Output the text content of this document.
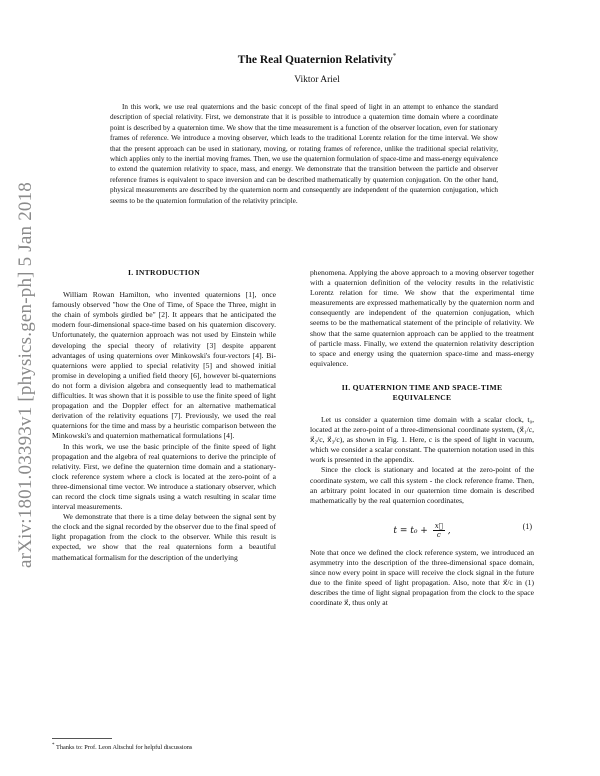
arXiv:1801.03393v1 [physics.gen-ph] 5 Jan 2018
The Real Quaternion Relativity*
Viktor Ariel

In this work, we use real quaternions and the basic concept of the final speed of light in an attempt to enhance the standard description of special relativity. First, we demonstrate that it is possible to introduce a quaternion time domain where a coordinate point is described by a quaternion time. We show that the time measurement is a function of the observer location, even for stationary frames of reference. We introduce a moving observer, which leads to the traditional Lorentz relation for the time interval. We show that the present approach can be used in stationary, moving, or rotating frames of reference, unlike the traditional special relativity, which applies only to the inertial moving frames. Then, we use the quaternion formulation of space-time and mass-energy equivalence to extend the quaternion relativity to space, mass, and energy. We demonstrate that the transition between the particle and observer reference frames is equivalent to space inversion and can be described mathematically by quaternion conjugation. On the other hand, physical measurements are described by the quaternion norm and consequently are independent of the quaternion conjugation, which seems to be the quaternion formulation of the relativity principle.

I. INTRODUCTION

William Rowan Hamilton, who invented quaternions [1], once famously observed "how the One of Time, of Space the Three, might in the chain of symbols girdled be" [2]. It appears that he anticipated the modern four-dimensional space-time based on his quaternion discovery. Unfortunately, the quaternion approach was not used by Einstein while developing the special theory of relativity [3] despite apparent advantages of using quaternions over Minkowski's four-vectors [4]. Bi-quaternions were applied to special relativity [5] and showed initial promise in developing a unified field theory [6], however bi-quaternions do not form a division algebra and consequently lead to mathematical difficulties. It was shown that it is possible to use the finite speed of light propagation and the Doppler effect for an alternative mathematical derivation of the relativity equations [7]. Previously, we used the real quaternions for the time and mass by a heuristic comparison between the Minkowski's and quaternion mathematical formulations [4].

In this work, we use the basic principle of the finite speed of light propagation and the algebra of real quaternions to derive the principle of relativity. First, we define the quaternion time domain and a stationary-clock reference system where a clock is located at the zero-point of a three-dimensional time vector. We introduce a stationary observer, which can record the clock time signals using a watch resulting in scalar time interval measurements.

We demonstrate that there is a time delay between the signal sent by the clock and the signal recorded by the observer due to the final speed of light propagation from the clock to the observer. While this result is expected, we show that the real quaternions form a beautiful mathematical formalism for the description of the underlying

phenomena. Applying the above approach to a moving observer together with a quaternion definition of the velocity results in the relativistic Lorentz relation for time. We show that the experimental time measurements are expressed mathematically by the quaternion norm and consequently are independent of the quaternion conjugation, which seems to be the mathematical statement of the principle of relativity. We show that the same quaternion approach can be applied to the treatment of particle mass. Finally, we extend the quaternion relativity description to space and energy using the quaternion space-time and mass-energy equivalence.

II. QUATERNION TIME AND SPACE-TIME
EQUIVALENCE

Let us consider a quaternion time domain with a scalar clock, t₀, located at the zero-point of a three-dimensional coordinate system, (x⃗₁/c, x⃗₂/c, x⃗₃/c), as shown in Fig. 1. Here, c is the speed of light in vacuum, which we consider a scalar constant. The quaternion notation used in this work is presented in the appendix.

Since the clock is stationary and located at the zero-point of the coordinate system, we call this system - the clock reference frame. Then, an arbitrary point located in our quaternion time domain is described mathematically by the real quaternion coordinates,

$t = t_0 + \frac{x⃗}{c}$ ,	(1)

Note that once we defined the clock reference system, we introduced an asymmetry into the description of the three-dimensional space domain, since now every point in space will receive the clock signal in the future due to the finite speed of light propagation. Also, note that x⃗/c in (1) describes the time of light signal propagation from the clock to the space coordinate x⃗, thus only at

* Thanks to: Prof. Leon Altschul for helpful discussions
